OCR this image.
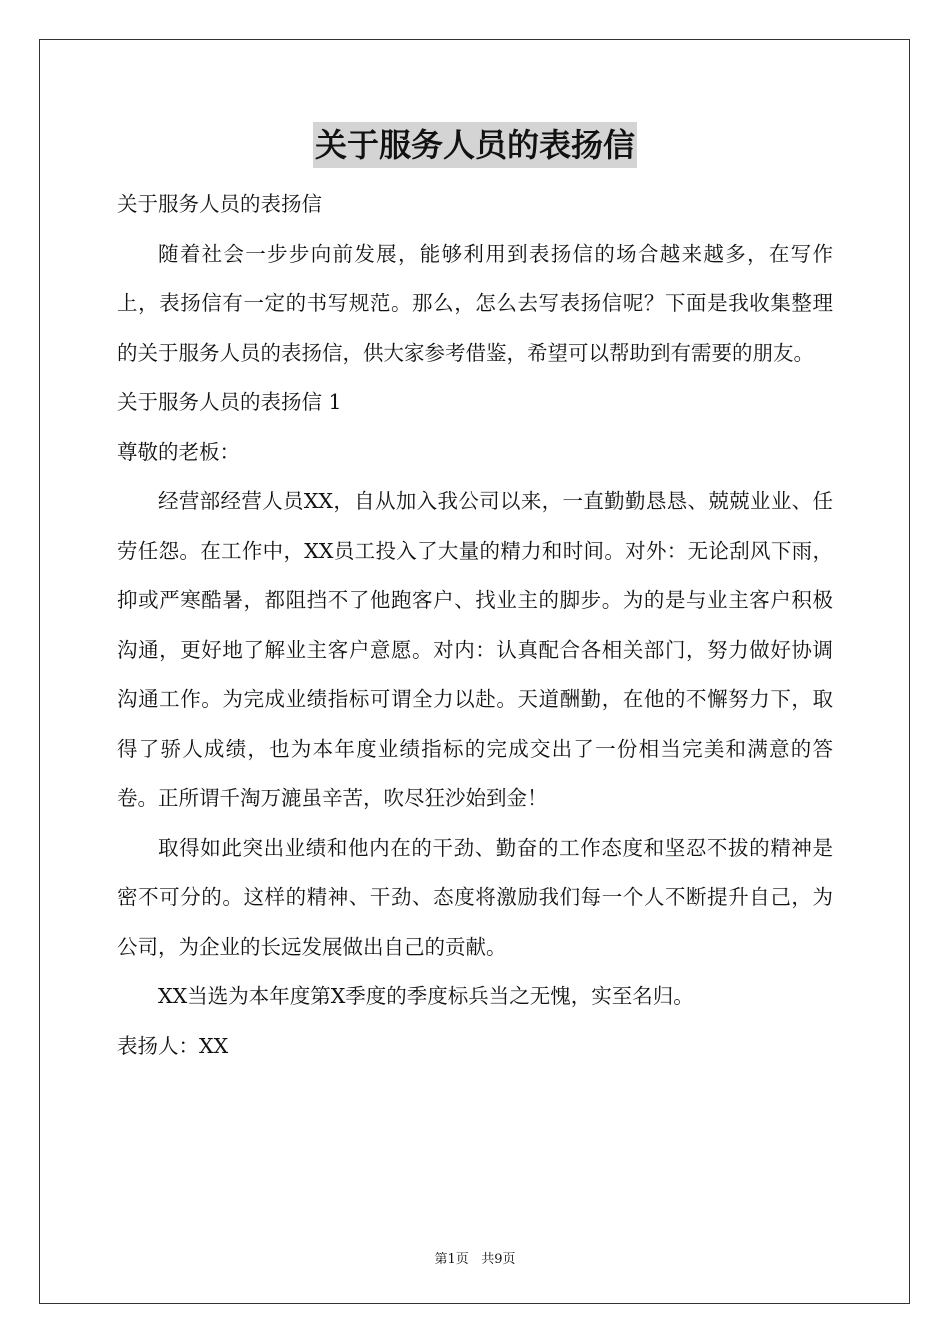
关于服务人员的表扬信

关于服务人员的表扬信

随着社会一步步向前发展，能够利用到表扬信的场合越来越多，在写作上，表扬信有一定的书写规范。那么，怎么去写表扬信呢？下面是我收集整理的关于服务人员的表扬信，供大家参考借鉴，希望可以帮助到有需要的朋友。

关于服务人员的表扬信 1

尊敬的老板：

经营部经营人员XX，自从加入我公司以来，一直勤勤恳恳、兢兢业业、任劳任怨。在工作中，XX员工投入了大量的精力和时间。对外：无论刮风下雨，抑或严寒酷暑，都阻挡不了他跑客户、找业主的脚步。为的是与业主客户积极沟通，更好地了解业主客户意愿。对内：认真配合各相关部门，努力做好协调沟通工作。为完成业绩指标可谓全力以赴。天道酬勤，在他的不懈努力下，取得了骄人成绩，也为本年度业绩指标的完成交出了一份相当完美和满意的答卷。正所谓千淘万漉虽辛苦，吹尽狂沙始到金！

取得如此突出业绩和他内在的干劲、勤奋的工作态度和坚忍不拔的精神是密不可分的。这样的精神、干劲、态度将激励我们每一个人不断提升自己，为公司，为企业的长远发展做出自己的贡献。

XX当选为本年度第X季度的季度标兵当之无愧，实至名归。

表扬人：XX

第1页 共9页
